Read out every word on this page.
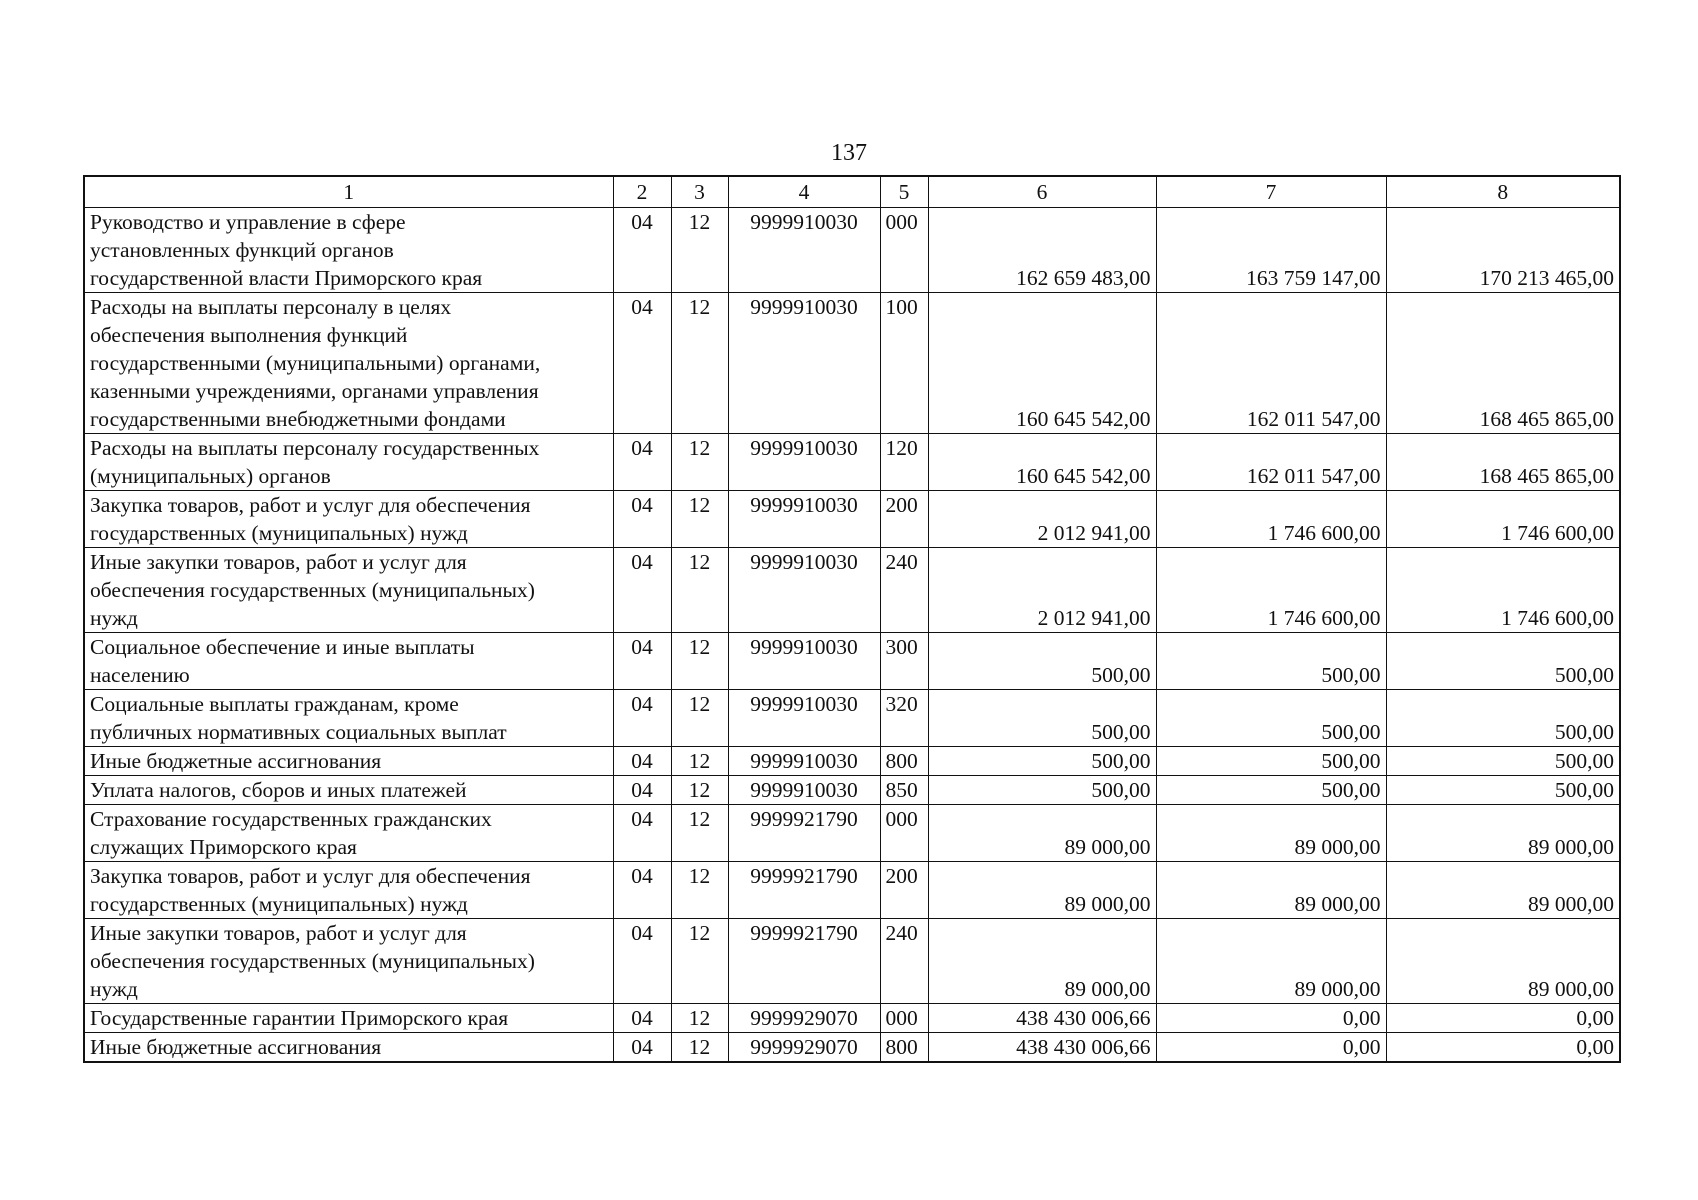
137
1	2	3	4	5	6	7	8

Руководство и управление в сфере
установленных функций органов
государственной власти Приморского края	04	12	9999910030	000	162 659 483,00	163 759 147,00	170 213 465,00

Расходы на выплаты персоналу в целях
обеспечения выполнения функций
государственными (муниципальными) органами,
казенными учреждениями, органами управления
государственными внебюджетными фондами	04	12	9999910030	100	160 645 542,00	162 011 547,00	168 465 865,00

Расходы на выплаты персоналу государственных
(муниципальных) органов	04	12	9999910030	120	160 645 542,00	162 011 547,00	168 465 865,00

Закупка товаров, работ и услуг для обеспечения
государственных (муниципальных) нужд	04	12	9999910030	200	2 012 941,00	1 746 600,00	1 746 600,00

Иные закупки товаров, работ и услуг для
обеспечения государственных (муниципальных)
нужд	04	12	9999910030	240	2 012 941,00	1 746 600,00	1 746 600,00

Социальное обеспечение и иные выплаты
населению	04	12	9999910030	300	500,00	500,00	500,00

Социальные выплаты гражданам, кроме
публичных нормативных социальных выплат	04	12	9999910030	320	500,00	500,00	500,00

Иные бюджетные ассигнования	04	12	9999910030	800	500,00	500,00	500,00

Уплата налогов, сборов и иных платежей	04	12	9999910030	850	500,00	500,00	500,00

Страхование государственных гражданских
служащих Приморского края	04	12	9999921790	000	89 000,00	89 000,00	89 000,00

Закупка товаров, работ и услуг для обеспечения
государственных (муниципальных) нужд	04	12	9999921790	200	89 000,00	89 000,00	89 000,00

Иные закупки товаров, работ и услуг для
обеспечения государственных (муниципальных)
нужд	04	12	9999921790	240	89 000,00	89 000,00	89 000,00

Государственные гарантии Приморского края	04	12	9999929070	000	438 430 006,66	0,00	0,00

Иные бюджетные ассигнования	04	12	9999929070	800	438 430 006,66	0,00	0,00
